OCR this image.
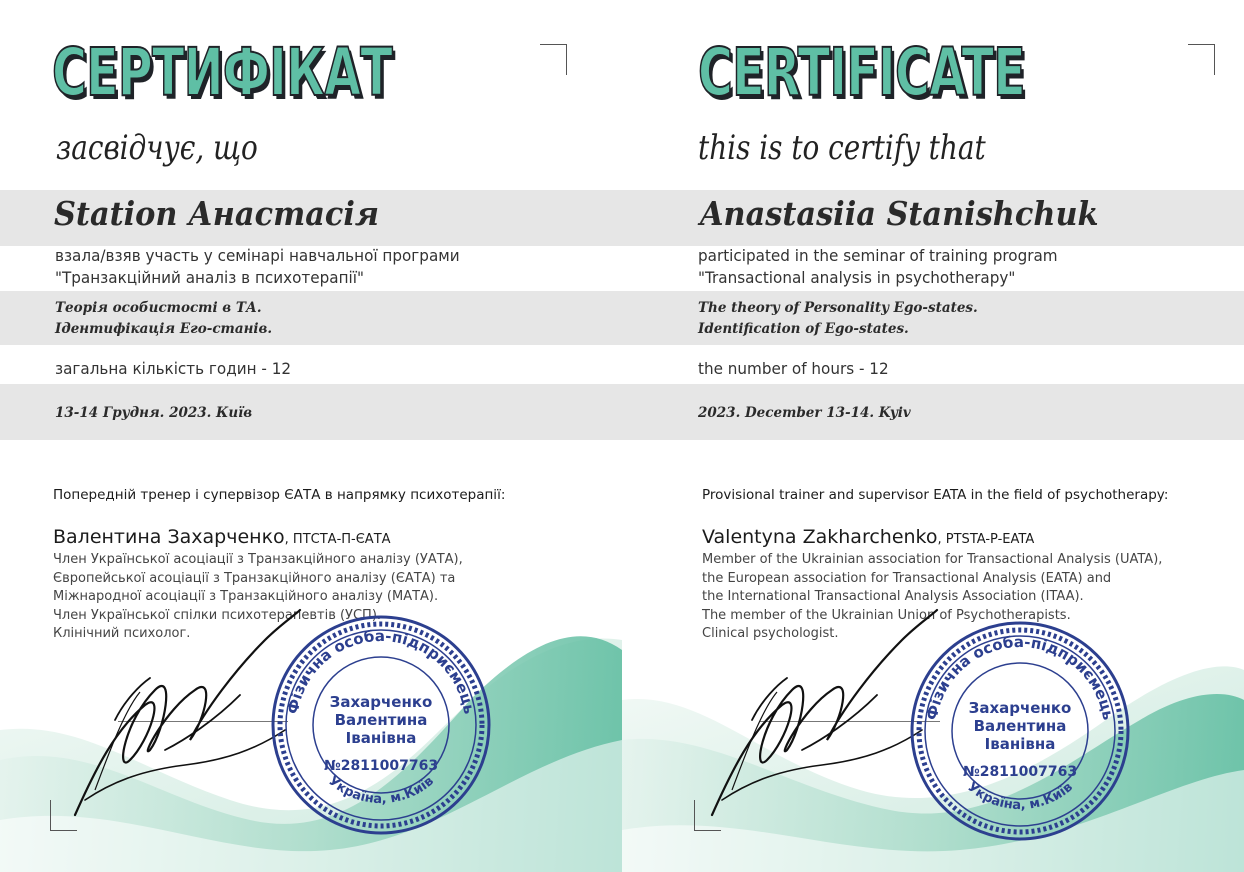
СЕРТИФІКАТ
засвідчує, що
Station Анастасія
взала/взяв участь у семінарі навчальної програми
"Транзакційний аналіз в психотерапії"
Теорія особистості в ТА.
Ідентифікація Его-станів.
загальна кількість годин - 12
13-14 Грудня. 2023. Київ
Попередній тренер і супервізор ЄАТА в напрямку психотерапії:
Валентина Захарченко, ПТСТА-П-ЄАТА
Член Української асоціації з Транзакційного аналізу (УАТА),
Європейської асоціації з Транзакційного аналізу (ЄАТА) та
Міжнародної асоціації з Транзакційного аналізу (МАТА).
Член Української спілки психотерапевтів (УСП).
Клінічний психолог.
Фізична особа-підприємець
Україна, м.Київ
Захарченко
Валентина
Іванівна
№2811007763
CERTIFICATE
this is to certify that
Anastasiia Stanishchuk
participated in the seminar of training program
"Transactional analysis in psychotherapy"
The theory of Personality Ego-states.
Identification of Ego-states.
the number of hours - 12
2023. December 13-14. Kyiv
Provisional trainer and supervisor EATA in the field of psychotherapy:
Valentyna Zakharchenko, PTSTA-P-EATA
Member of the Ukrainian association for Transactional Analysis (UATA),
the European association for Transactional Analysis (EATA) and
the International Transactional Analysis Association (ITAA).
The member of the Ukrainian Union of Psychotherapists.
Clinical psychologist.
Фізична особа-підприємець
Україна, м.Київ
Захарченко
Валентина
Іванівна
№2811007763
